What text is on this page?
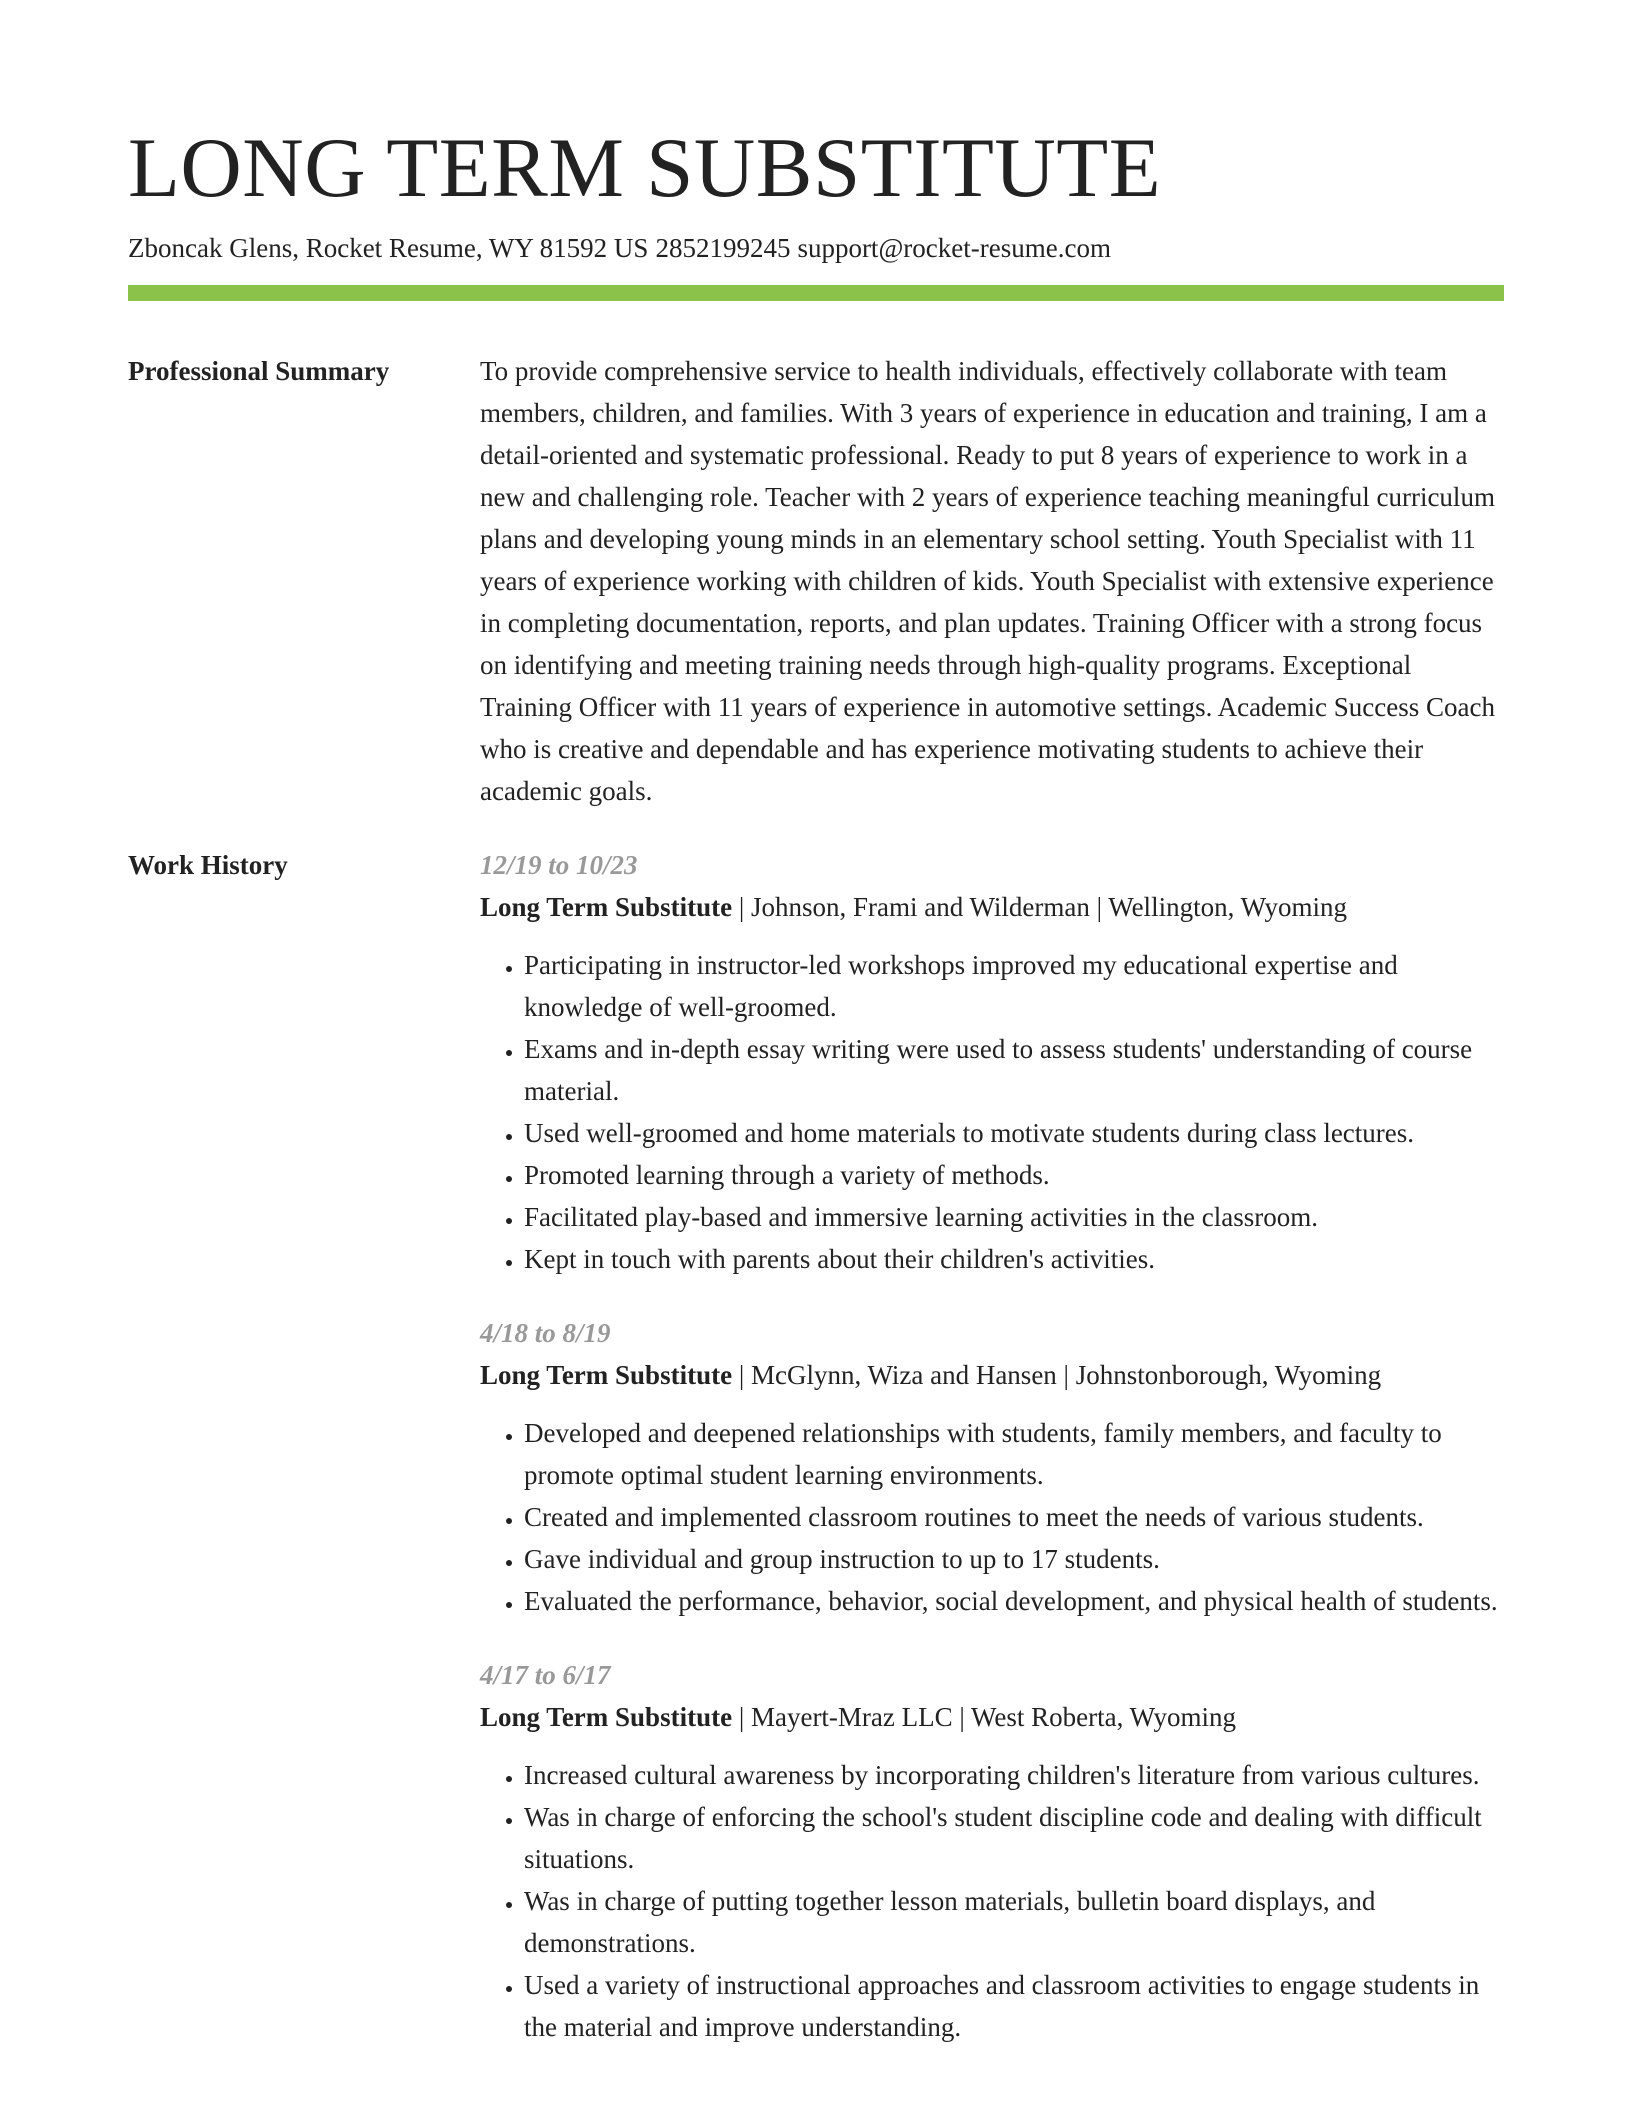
LONG TERM SUBSTITUTE
Zboncak Glens, Rocket Resume, WY 81592 US 2852199245 support@rocket-resume.com
Professional Summary	To provide comprehensive service to health individuals, effectively collaborate with team members, children, and families. With 3 years of experience in education and training, I am a detail-oriented and systematic professional. Ready to put 8 years of experience to work in a new and challenging role. Teacher with 2 years of experience teaching meaningful curriculum plans and developing young minds in an elementary school setting. Youth Specialist with 11 years of experience working with children of kids. Youth Specialist with extensive experience in completing documentation, reports, and plan updates. Training Officer with a strong focus on identifying and meeting training needs through high-quality programs. Exceptional Training Officer with 11 years of experience in automotive settings. Academic Success Coach who is creative and dependable and has experience motivating students to achieve their academic goals.

Work History	12/19 to 10/23
Long Term Substitute | Johnson, Frami and Wilderman | Wellington, Wyoming
• Participating in instructor-led workshops improved my educational expertise and knowledge of well-groomed.
• Exams and in-depth essay writing were used to assess students' understanding of course material.
• Used well-groomed and home materials to motivate students during class lectures.
• Promoted learning through a variety of methods.
• Facilitated play-based and immersive learning activities in the classroom.
• Kept in touch with parents about their children's activities.
4/18 to 8/19
Long Term Substitute | McGlynn, Wiza and Hansen | Johnstonborough, Wyoming
• Developed and deepened relationships with students, family members, and faculty to promote optimal student learning environments.
• Created and implemented classroom routines to meet the needs of various students.
• Gave individual and group instruction to up to 17 students.
• Evaluated the performance, behavior, social development, and physical health of students.
4/17 to 6/17
Long Term Substitute | Mayert-Mraz LLC | West Roberta, Wyoming
• Increased cultural awareness by incorporating children's literature from various cultures.
• Was in charge of enforcing the school's student discipline code and dealing with difficult situations.
• Was in charge of putting together lesson materials, bulletin board displays, and demonstrations.
• Used a variety of instructional approaches and classroom activities to engage students in the material and improve understanding.
